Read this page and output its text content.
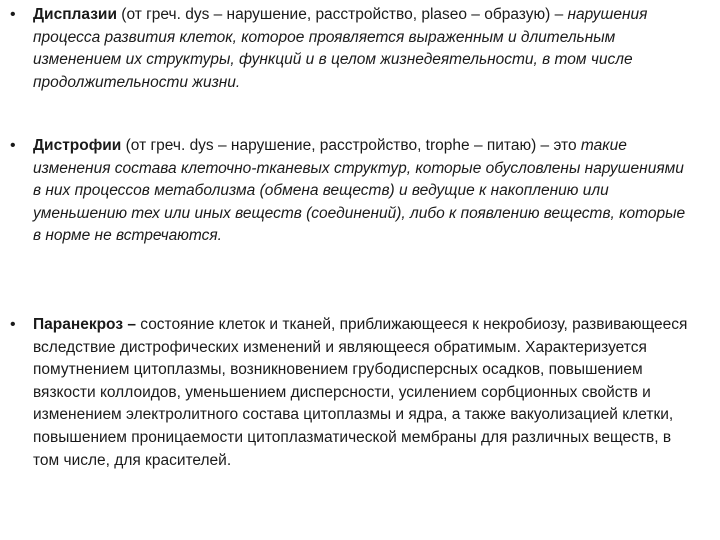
• Дисплазии (от греч. dys – нарушение, расстройство, plaseo – образую) – нарушения процесса развития клеток, которое проявляется выраженным и длительным изменением их структуры, функций и в целом жизнедеятельности, в том числе продолжительности жизни.
• Дистрофии (от греч. dys – нарушение, расстройство, trophe – питаю) – это такие изменения состава клеточно-тканевых структур, которые обусловлены нарушениями в них процессов метаболизма (обмена веществ) и ведущие к накоплению или уменьшению тех или иных веществ (соединений), либо к появлению веществ, которые в норме не встречаются.
• Паранекроз – состояние клеток и тканей, приближающееся к некробиозу, развивающееся вследствие дистрофических изменений и являющееся обратимым. Характеризуется помутнением цитоплазмы, возникновением грубодисперсных осадков, повышением вязкости коллоидов, уменьшением дисперсности, усилением сорбционных свойств и изменением электролитного состава цитоплазмы и ядра, а также вакуолизацией клетки, повышением проницаемости цитоплазматической мембраны для различных веществ, в том числе, для красителей.
